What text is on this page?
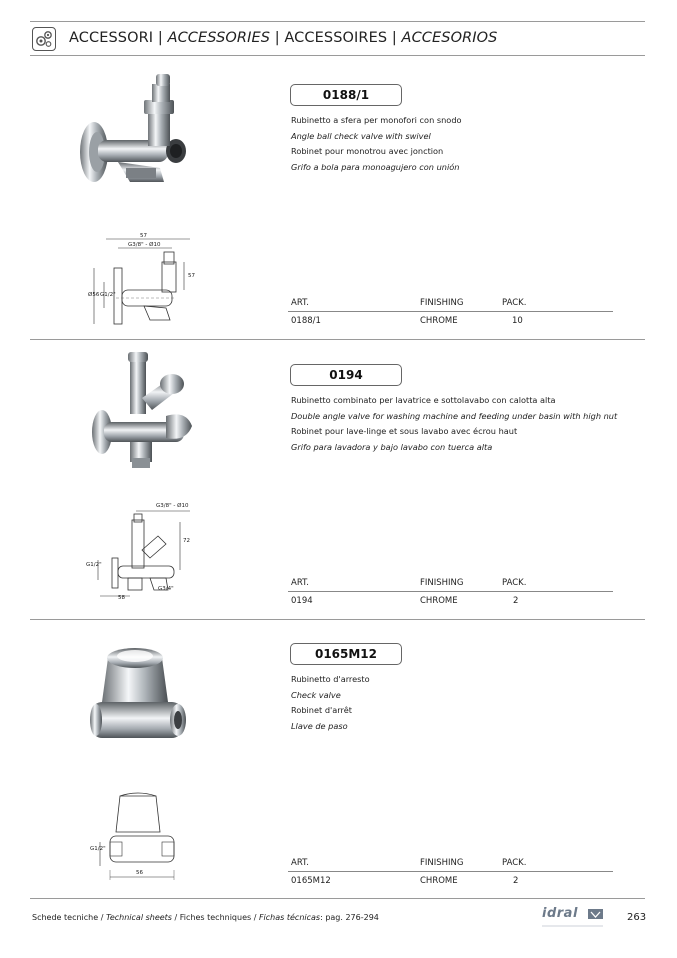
ACCESSORI | ACCESSORIES | ACCESSOIRES | ACCESORIOS
57
G3/8" - Ø10
57
Ø56 G1/2"
0188/1
Rubinetto a sfera per monofori con snodo
Angle ball check valve with swivel
Robinet pour monotrou avec jonction
Grifo a bola para monoagujero con unión
ART.	FINISHING	PACK.
0188/1	CHROME	10
G3/8" - Ø10
72
G1/2"
58
G3/4"
0194
Rubinetto combinato per lavatrice e sottolavabo con calotta alta
Double angle valve for washing machine and feeding under basin with high nut
Robinet pour lave-linge et sous lavabo avec écrou haut
Grifo para lavadora y bajo lavabo con tuerca alta
ART.	FINISHING	PACK.
0194	CHROME	2
G1/2"
56
0165M12
Rubinetto d'arresto
Check valve
Robinet d'arrêt
Llave de paso
ART.	FINISHING	PACK.
0165M12	CHROME	2
Schede tecniche / Technical sheets / Fiches techniques / Fichas técnicas: pag. 276-294	idral	263
